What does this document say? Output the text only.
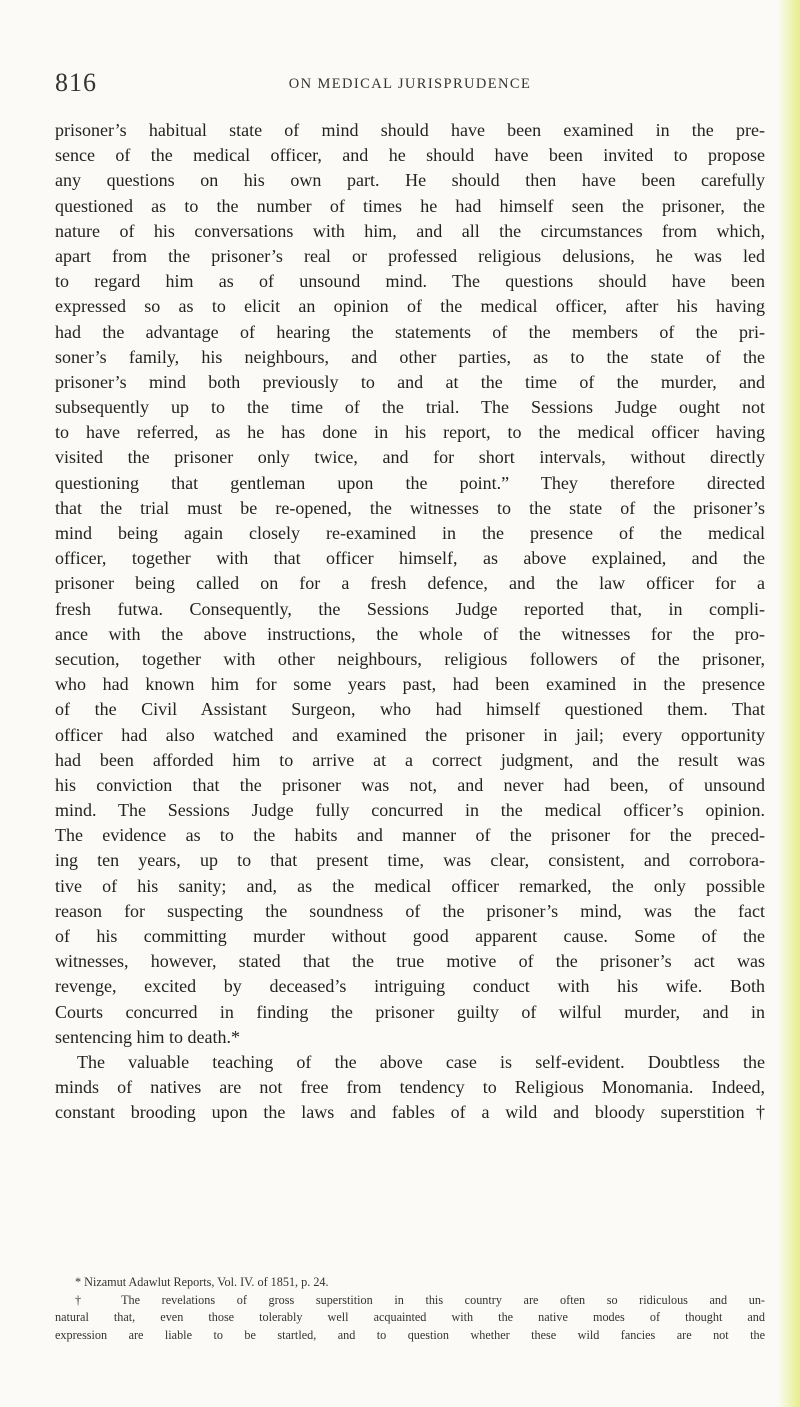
816	ON MEDICAL JURISPRUDENCE
prisoner’s habitual state of mind should have been examined in the pre-
sence of the medical officer, and he should have been invited to propose
any questions on his own part. He should then have been carefully
questioned as to the number of times he had himself seen the prisoner, the
nature of his conversations with him, and all the circumstances from which,
apart from the prisoner’s real or professed religious delusions, he was led
to regard him as of unsound mind. The questions should have been
expressed so as to elicit an opinion of the medical officer, after his having
had the advantage of hearing the statements of the members of the pri-
soner’s family, his neighbours, and other parties, as to the state of the
prisoner’s mind both previously to and at the time of the murder, and
subsequently up to the time of the trial. The Sessions Judge ought not
to have referred, as he has done in his report, to the medical officer having
visited the prisoner only twice, and for short intervals, without directly
questioning that gentleman upon the point.” They therefore directed
that the trial must be re-opened, the witnesses to the state of the prisoner’s
mind being again closely re-examined in the presence of the medical
officer, together with that officer himself, as above explained, and the
prisoner being called on for a fresh defence, and the law officer for a
fresh futwa. Consequently, the Sessions Judge reported that, in compli-
ance with the above instructions, the whole of the witnesses for the pro-
secution, together with other neighbours, religious followers of the prisoner,
who had known him for some years past, had been examined in the presence
of the Civil Assistant Surgeon, who had himself questioned them. That
officer had also watched and examined the prisoner in jail; every opportunity
had been afforded him to arrive at a correct judgment, and the result was
his conviction that the prisoner was not, and never had been, of unsound
mind. The Sessions Judge fully concurred in the medical officer’s opinion.
The evidence as to the habits and manner of the prisoner for the preced-
ing ten years, up to that present time, was clear, consistent, and corrobora-
tive of his sanity; and, as the medical officer remarked, the only possible
reason for suspecting the soundness of the prisoner’s mind, was the fact
of his committing murder without good apparent cause. Some of the
witnesses, however, stated that the true motive of the prisoner’s act was
revenge, excited by deceased’s intriguing conduct with his wife. Both
Courts concurred in finding the prisoner guilty of wilful murder, and in
sentencing him to death.*
The valuable teaching of the above case is self-evident. Doubtless the
minds of natives are not free from tendency to Religious Monomania. Indeed,
constant brooding upon the laws and fables of a wild and bloody superstition†
* Nizamut Adawlut Reports, Vol. IV. of 1851, p. 24.
† The revelations of gross superstition in this country are often so ridiculous and un-
natural that, even those tolerably well acquainted with the native modes of thought and
expression are liable to be startled, and to question whether these wild fancies are not the
